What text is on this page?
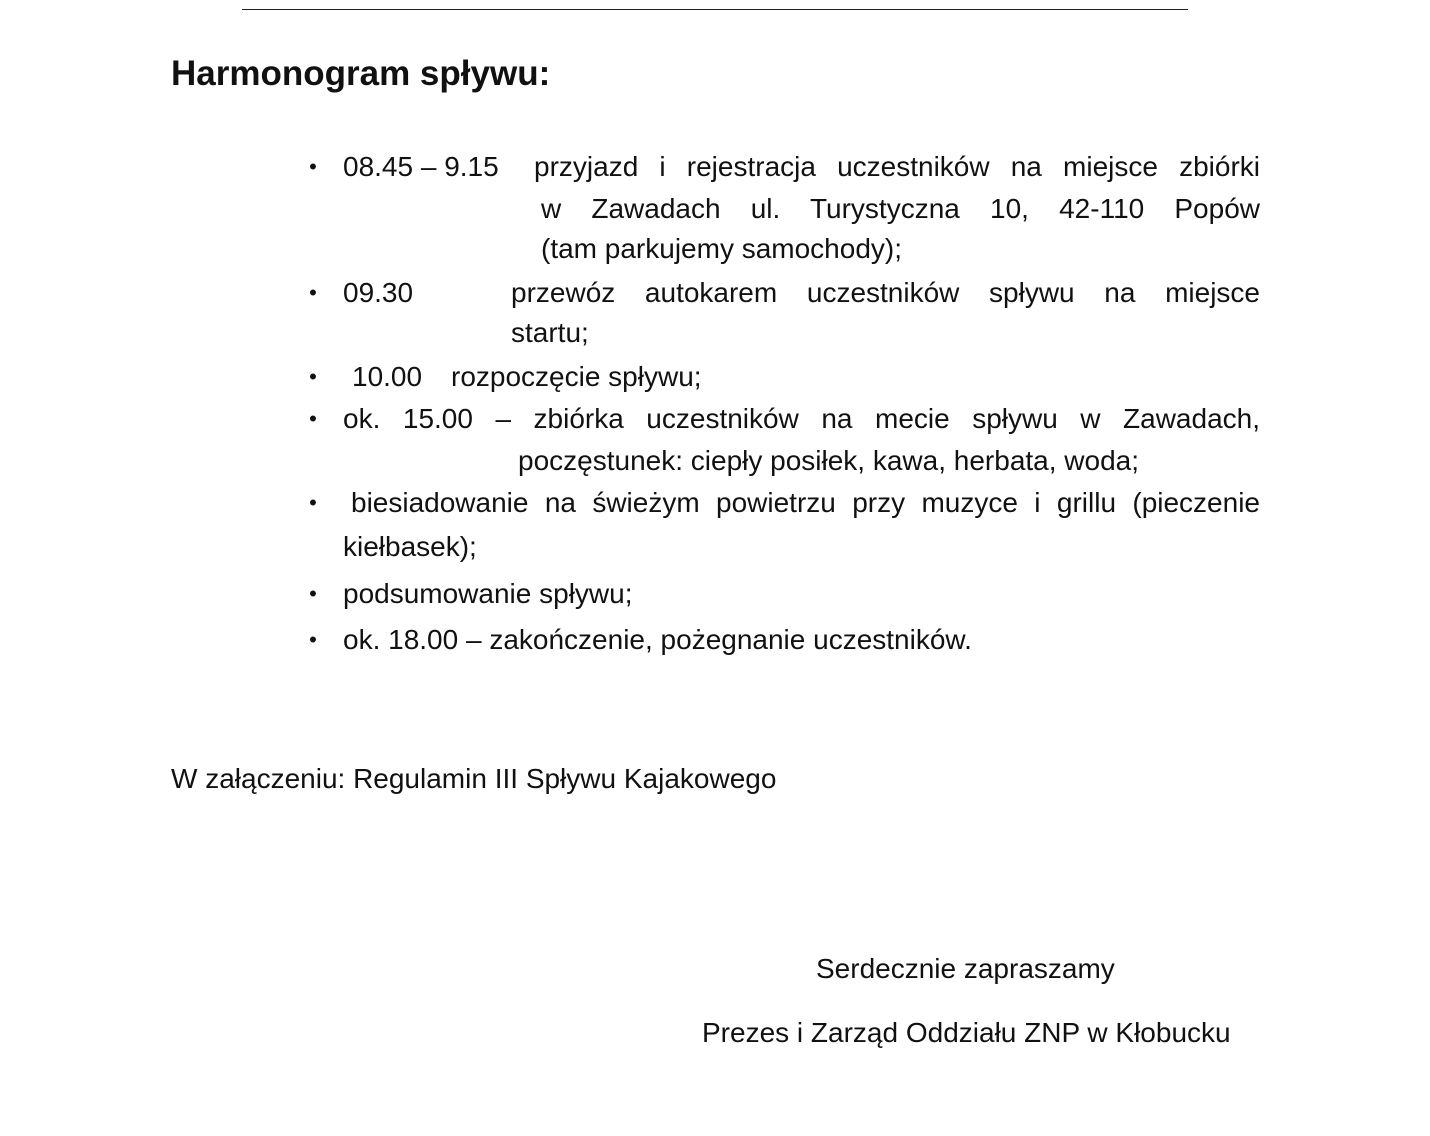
Harmonogram spływu:
• 08.45 – 9.15 przyjazd i rejestracja uczestników na miejsce zbiórki
w Zawadach ul. Turystyczna 10, 42-110 Popów
(tam parkujemy samochody);
• 09.30	przewóz autokarem uczestników spływu na miejsce
startu;
•	10.00 rozpoczęcie spływu;
• ok. 15.00 – zbiórka uczestników na mecie spływu w Zawadach,
poczęstunek: ciepły posiłek, kawa, herbata, woda;
•	biesiadowanie na świeżym powietrzu przy muzyce i grillu (pieczenie
kiełbasek);
• podsumowanie spływu;
• ok. 18.00 – zakończenie, pożegnanie uczestników.
W załączeniu: Regulamin III Spływu Kajakowego
Serdecznie zapraszamy
Prezes i Zarząd Oddziału ZNP w Kłobucku
